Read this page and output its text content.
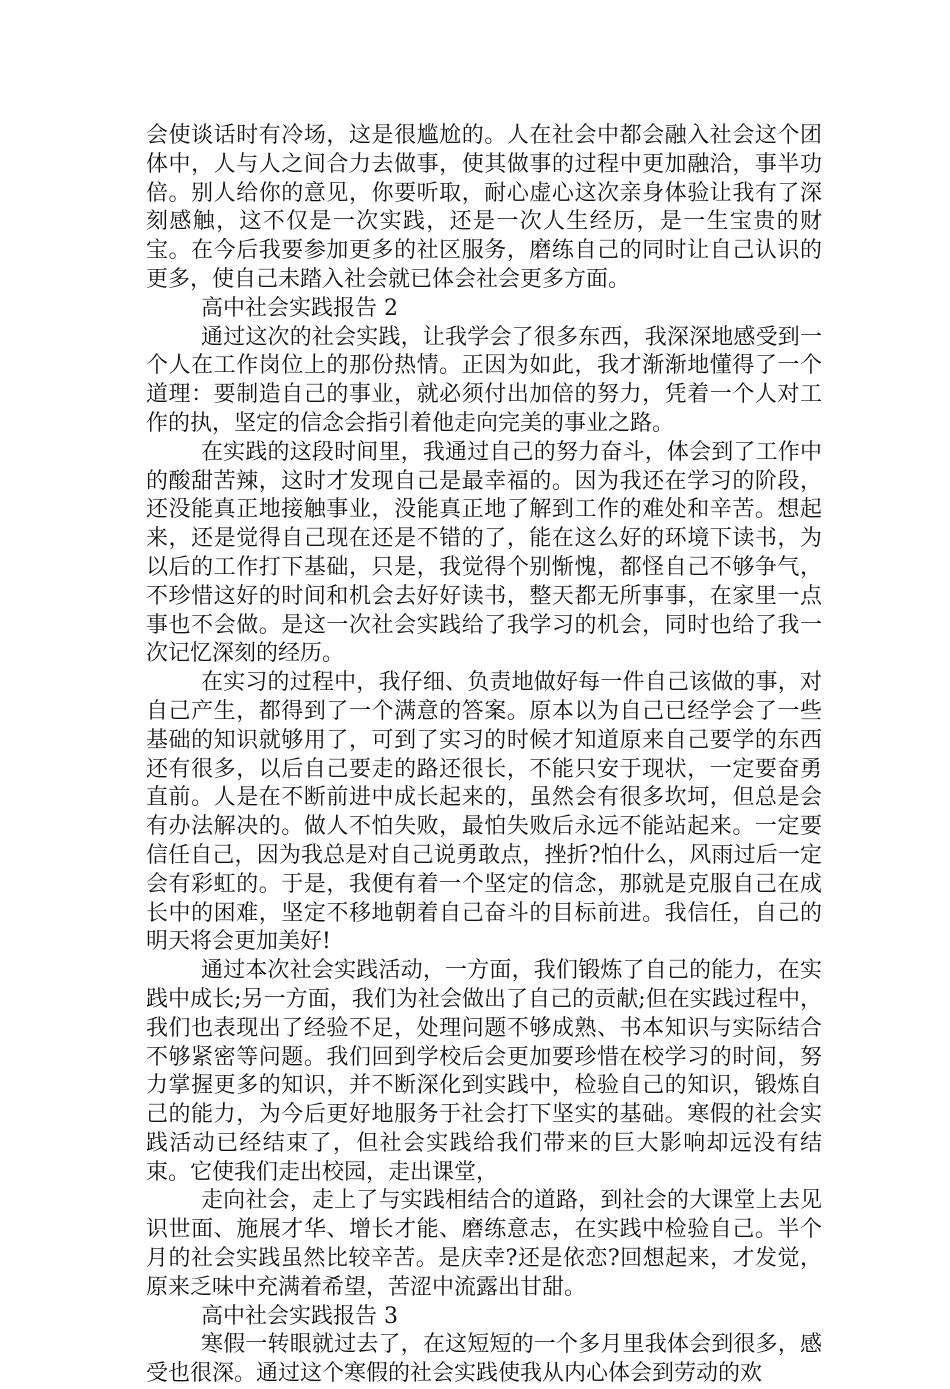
会使谈话时有冷场，这是很尴尬的。人在社会中都会融入社会这个团体中，人与人之间合力去做事，使其做事的过程中更加融洽，事半功倍。别人给你的意见，你要听取，耐心虚心这次亲身体验让我有了深刻感触，这不仅是一次实践，还是一次人生经历，是一生宝贵的财宝。在今后我要参加更多的社区服务，磨练自己的同时让自己认识的更多，使自己未踏入社会就已体会社会更多方面。

高中社会实践报告 2

通过这次的社会实践，让我学会了很多东西，我深深地感受到一个人在工作岗位上的那份热情。正因为如此，我才渐渐地懂得了一个道理：要制造自己的事业，就必须付出加倍的努力，凭着一个人对工作的执，坚定的信念会指引着他走向完美的事业之路。

在实践的这段时间里，我通过自己的努力奋斗，体会到了工作中的酸甜苦辣，这时才发现自己是最幸福的。因为我还在学习的阶段，还没能真正地接触事业，没能真正地了解到工作的难处和辛苦。想起来，还是觉得自己现在还是不错的了，能在这么好的环境下读书，为以后的工作打下基础，只是，我觉得个别惭愧，都怪自己不够争气，不珍惜这好的时间和机会去好好读书，整天都无所事事，在家里一点事也不会做。是这一次社会实践给了我学习的机会，同时也给了我一次记忆深刻的经历。

在实习的过程中，我仔细、负责地做好每一件自己该做的事，对自己产生，都得到了一个满意的答案。原本以为自己已经学会了一些基础的知识就够用了，可到了实习的时候才知道原来自己要学的东西还有很多，以后自己要走的路还很长，不能只安于现状，一定要奋勇直前。人是在不断前进中成长起来的，虽然会有很多坎坷，但总是会有办法解决的。做人不怕失败，最怕失败后永远不能站起来。一定要信任自己，因为我总是对自己说勇敢点，挫折?怕什么，风雨过后一定会有彩虹的。于是，我便有着一个坚定的信念，那就是克服自己在成长中的困难，坚定不移地朝着自己奋斗的目标前进。我信任，自己的明天将会更加美好!

通过本次社会实践活动，一方面，我们锻炼了自己的能力，在实践中成长;另一方面，我们为社会做出了自己的贡献;但在实践过程中，我们也表现出了经验不足，处理问题不够成熟、书本知识与实际结合不够紧密等问题。我们回到学校后会更加要珍惜在校学习的时间，努力掌握更多的知识，并不断深化到实践中，检验自己的知识，锻炼自己的能力，为今后更好地服务于社会打下坚实的基础。寒假的社会实践活动已经结束了，但社会实践给我们带来的巨大影响却远没有结束。它使我们走出校园，走出课堂，

走向社会，走上了与实践相结合的道路，到社会的大课堂上去见识世面、施展才华、增长才能、磨练意志，在实践中检验自己。半个月的社会实践虽然比较辛苦。是庆幸?还是依恋?回想起来，才发觉，原来乏味中充满着希望，苦涩中流露出甘甜。

高中社会实践报告 3

寒假一转眼就过去了，在这短短的一个多月里我体会到很多，感受也很深。通过这个寒假的社会实践使我从内心体会到劳动的欢
